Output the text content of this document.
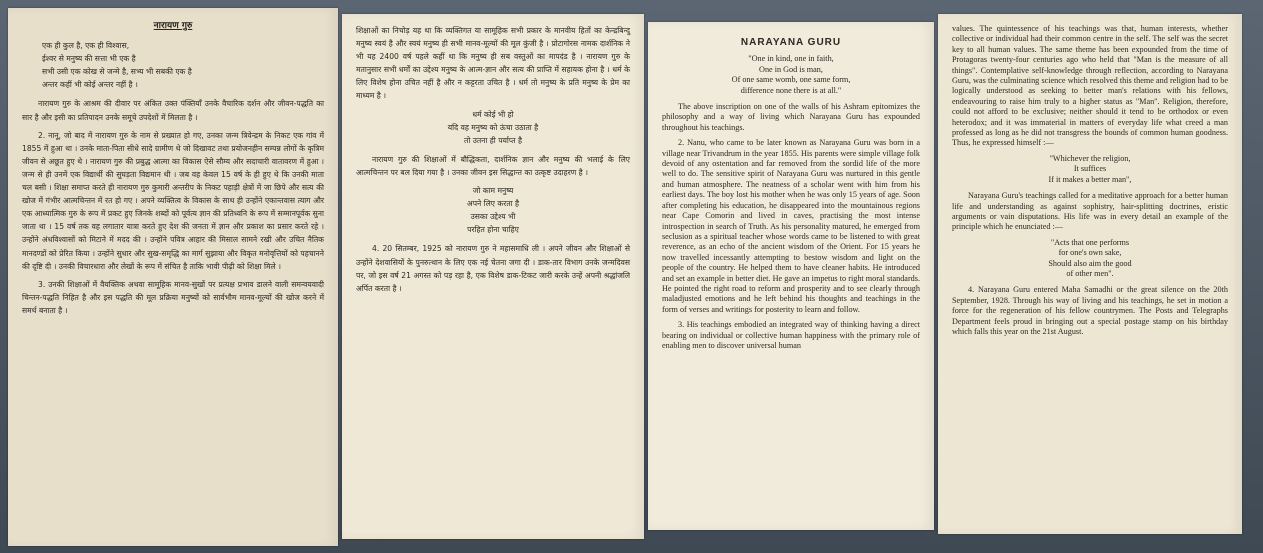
नारायण गुरु
एक ही कुल है, एक ही विश्वास,
ईश्वर से मनुष्य की सत्ता भी एक है
सभी उसी एक कोख से जन्मे है, सभ्य भी सबकी एक है
अन्तर कहीं भी कोई अन्तर नहीं है ।

नारायण गुरु के आश्रम की दीवार पर अंकित उक्त पंक्तियाँ उनके वैचारिक दर्शन और जीवन-पद्धति का सार है और इसी का प्रतिपादन उनके समूचे उपदेशों में मिलता है ।

2. नानू, जो बाद में नारायण गुरु के नाम से प्रख्यात हो गए, उनका जन्म त्रिवेन्द्रम के निकट एक गांव में 1855 में हुआ था । उनके माता-पिता सीधे सादे ग्रामीण थे जो दिखावट तथा प्रयोजनहीन सम्पन्न लोगों के कृत्रिम जीवन से अछूत हुए थे । नारायण गुरु की प्रबुद्ध आत्मा का विकास ऐसे सौम्य और सदाचारी वातावरण में हुआ । जन्म से ही उनमें एक विद्यार्थी की सुघड़ता विद्यमान थी । जब वह केवल 15 वर्ष के ही हुए थे कि उनकी माता चल बसी । शिक्षा समाप्त करते ही नारायण गुरु कुमारी अन्तरीप के निकट पहाड़ी क्षेत्रों में जा छिपे और सत्य की खोज में गंभीर आत्मचिन्तन में रत हो गए । अपने व्यक्तित्व के विकास के साथ ही उन्होंने एकान्तवास त्याग और एक आध्यात्मिक गुरु के रूप में प्रकट हुए जिनके शब्दों को पूर्वत्य ज्ञान की प्रतिध्वनि के रूप में सम्मानपूर्वक सुना जाता था । 15 वर्ष तक वह लगातार यात्रा करते हुए देश की जनता में ज्ञान और प्रकाश का प्रसार करते रहे । उन्होंने अंधविश्वासों को मिटाने में मदद की । उन्होंने पवित्र आहार की मिसाल सामने रखी और उचित नैतिक मानदण्डों को प्रेरित किया । उन्होंने सुधार और सुख-समृद्धि का मार्ग सुझाया और विकृत मनोवृत्तियों को पहचानने की दृष्टि दी । उनकी विचारधारा और लेखों के रूप में संचित है ताकि भावी पीढ़ी को शिक्षा मिले ।

3. उनकी शिक्षाओं में वैयक्तिक अथवा सामूहिक मानव-सुखों पर प्रत्यक्ष प्रभाव डालने वाली समन्वयवादी चिन्तन-पद्धति निहित है और इस पद्धति की मूल प्रक्रिया मनुष्यों को सार्वभौम मानव-मूल्यों की खोज करने में समर्थ बनाता है ।

शिक्षाओं का निचोड़ यह था कि व्यक्तिगत या सामूहिक सभी प्रकार के मानवीय हितों का केन्द्रबिन्दु मनुष्य स्वयं है और स्वयं मनुष्य ही सभी मानव-मूल्यों की मूल कुंजी है । प्रोटागोरस नामक दार्शनिक ने भी यह 2400 वर्ष पहले कहीं था कि मनुष्य ही सब वस्तुओं का मापदंड है । नारायण गुरु के मतानुसार सभी धर्मों का उद्देश्य मनुष्य के आत्म-ज्ञान और सत्य की प्राप्ति में सहायक होना है । धर्म के लिए विशेष होना उचित नहीं है और न कट्टरता उचित है । धर्म तो मनुष्य के प्रति मनुष्य के प्रेम का माध्यम है ।

धर्म कोई भी हो
यदि वह मनुष्य को ऊंचा उठाता है
तो उतना ही पर्याप्त है

नारायण गुरु की शिक्षाओं में बौद्धिकता, दार्शनिक ज्ञान और मनुष्य की भलाई के लिए आत्मचिन्तन पर बल दिया गया है । उनका जीवन इस सिद्धान्त का उत्कृष्ट उदाहरण है ।

जो काम मनुष्य
अपने लिए करता है
उसका उद्देश्य भी
परहित होना चाहिए

4. 20 सितम्बर, 1925 को नारायण गुरु ने महासमाधि ली । अपने जीवन और शिक्षाओं से उन्होंने देशवासियों के पुनरुत्थान के लिए एक नई चेतना जगा दी । डाक-तार विभाग उनके जन्मदिवस पर, जो इस वर्ष 21 अगस्त को पड़ रहा है, एक विशेष डाक-टिकट जारी करके उन्हें अपनी श्रद्धांजलि अर्पित करता है ।

NARAYANA GURU
"One in kind, one in faith,
One in God is man,
Of one same womb, one same form,
difference none there is at all."

The above inscription on one of the walls of his Ashram epitomizes the philosophy and a way of living which Narayana Guru has expounded throughout his teachings.

2. Nanu, who came to be later known as Narayana Guru was born in a village near Trivandrum in the year 1855. His parents were simple village folk devoid of any ostentation and far removed from the sordid life of the more well to do. The sensitive spirit of Narayana Guru was nurtured in this gentle and human atmosphere. The neatness of a scholar went with him from his earliest days. The boy lost his mother when he was only 15 years of age. Soon after completing his education, he disappeared into the mountainous regions near Cape Comorin and lived in caves, practising the most intense introspection in search of Truth. As his personality matured, he emerged from seclusion as a spiritual teacher whose words came to be listened to with great reverence, as an echo of the ancient wisdom of the Orient. For 15 years he now travelled incessantly attempting to bestow wisdom and light on the people of the country. He helped them to have cleaner habits. He introduced and set an example in better diet. He gave an impetus to right moral standards. He pointed the right road to reform and prosperity and to see clearly through maladjusted emotions and he left behind his thoughts and teachings in the form of verses and writings for posterity to learn and follow.

3. His teachings embodied an integrated way of thinking having a direct bearing on individual or collective human happiness with the primary role of enabling men to discover universal human

values. The quintessence of his teachings was that, human interests, whether collective or individual had their common centre in the self. The self was the secret key to all human values. The same theme has been expounded from the time of Protagoras twenty-four centuries ago who held that "Man is the measure of all things". Contemplative self-knowledge through reflection, according to Narayana Guru, was the culminating science which resolved this theme and religion had to be logically understood as seeking to better man's relations with his fellows, endeavouring to raise him truly to a higher status as "Man". Religion, therefore, could not afford to be exclusive; neither should it tend to be orthodox or even heterodox; and it was immaterial in matters of everyday life what creed a man professed as long as he did not transgress the bounds of common human goodness. Thus, he expressed himself :—

"Whichever the religion,
It suffices
If it makes a better man",

Narayana Guru's teachings called for a meditative approach for a better human life and understanding as against sophistry, hair-splitting doctrines, eristic arguments or vain disputations. His life was in every detail an example of the principle which he enunciated :—

"Acts that one performs
for one's own sake,
Should also aim the good
of other men".

4. Narayana Guru entered Maha Samadhi or the great silence on the 20th September, 1928. Through his way of living and his teachings, he set in motion a force for the regeneration of his fellow countrymen. The Posts and Telegraphs Department feels proud in bringing out a special postage stamp on his birthday which falls this year on the 21st August.
